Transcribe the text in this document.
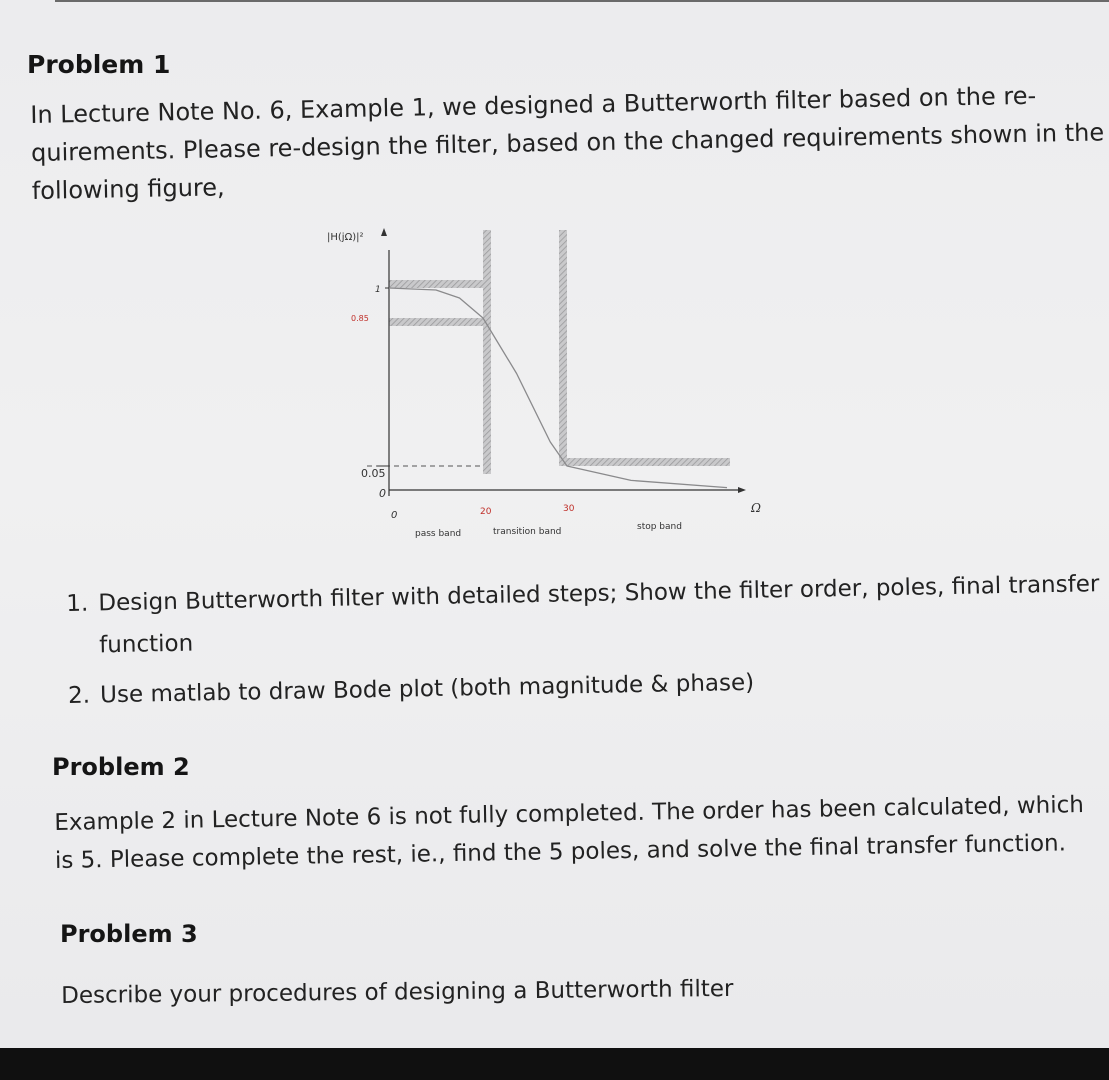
Problem 1
In Lecture Note No. 6, Example 1, we designed a Butterworth filter based on the re-
quirements. Please re-design the filter, based on the changed requirements shown in the
following figure,
|H(jΩ)|²
Ω
1
0.85
0.05
0
0	20	30
pass band	transition band	stop band
1. Design Butterworth filter with detailed steps; Show the filter order, poles, final transfer
function
2. Use matlab to draw Bode plot (both magnitude & phase)
Problem 2
Example 2 in Lecture Note 6 is not fully completed. The order has been calculated, which
is 5. Please complete the rest, ie., find the 5 poles, and solve the final transfer function.
Problem 3
Describe your procedures of designing a Butterworth filter
